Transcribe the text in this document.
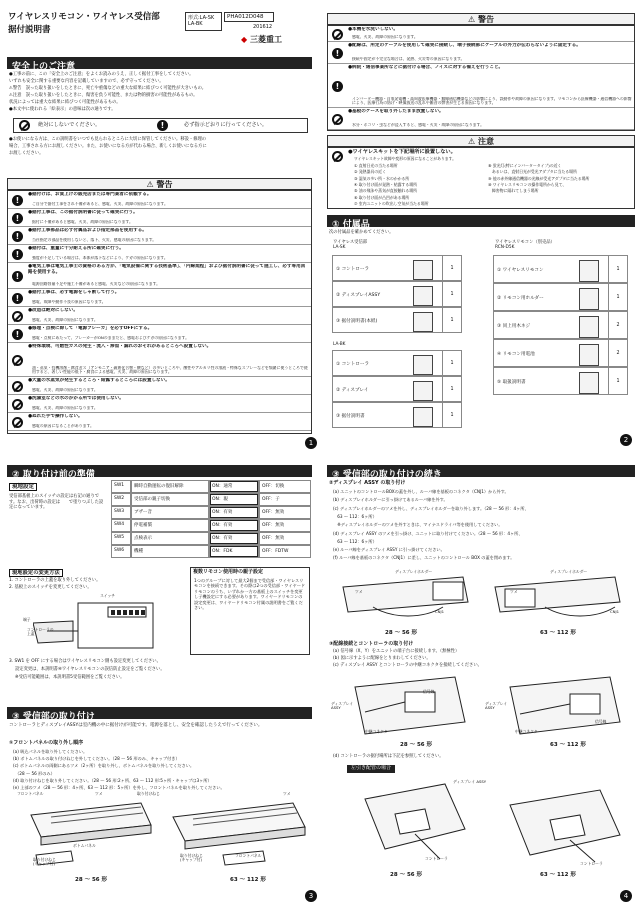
ワイヤレスリモコン・ワイヤレス受信部
据付説明書
形式:LA-SK
LA-BK
PHA012D048
201612
◆ 三菱重工
安全上のご注意
●工事の前に、この「安全上のご注意」をよくお読みのうえ、正しく据付工事をしてください。
いずれも安全に関する重要な内容を記載していますので、必ず守ってください。
⚠警告　誤った取り扱いをしたときに、死亡や重傷などの重大な結果に結びつく可能性が大きいもの。
⚠注意　誤った取り扱いをしたときに、傷害を負う可能性、または物的損害の可能性があるもの。
状況によっては重大な結果に結びつく可能性があるもの。
●本文中に使われる「絵表示」の意味は次の通りです。
絶対にしないでください。	!	必ず指示どおりに行ってください。
●お使いになる方は、この説明書をいつでも見られるところに大切に保管してください。移設・修理の
場合、工事される方にお渡しください。また、お使いになる方が代わる場合、新しくお使いになる方に
お渡しください。
⚠ 警告
!
●据付けは、お買上げの販売店または専門業者に依頼する。
ご自分で据付工事をされ不備があると、感電、火災、故障の原因になります。
!
●据付工事は、この据付説明書に従って確実に行う。
据付に不備があると感電、火災、故障の原因になります。
!
●据付工事部品は必ず付属品および指定部品を使用する。
当社指定の部品を使用しないと、落下、火災、感電の原因になります。
!
●据付は、重量に十分耐える所に確実に行う。
強度が不足している場合は、本体が落下などにより、ケガの原因になります。
!
●電気工事は電気工事士の資格のある方が、「電気設備に関する技術基準」、「内線規程」および据付説明書に従って施工し、必ず専用回路を使用する。
電源回路容量不足や施工不備があると感電、火災などの原因になります。
!
●据付工事は、必ず電源をしゃ断して行う。
感電、故障や動作不良の原因になります。
●改造は絶対にしない。
感電、火災、故障の原因になります。
!
●修理・点検に際して「電源ブレーカ」を必ずOFFにする。
感電・点検にあたって、ブレーカーがONのままだと、感電およびケガの原因になります。
●特殊環境、可燃性ガスの発生・流入・滞留・漏れのおそれがあるところへ設置しない。
油・蒸気・有機溶剤・腐食ガス（アンモニア・硫黄化合物・酸など）の多いところや、酸性やアルカリ性の溶液・特殊なスプレーなどを頻繁に使うところで使用すると、著しい性能の低下・腐食による感電、火災、故障の原因になります。
●大量の水蒸気が発生するところ・結露するところには設置しない。
感電、火災、故障の原因になります。
●洗濯室などの水のかかる所では使用しない。
感電、火災、故障の原因になります。
●ぬれた手で操作しない。
感電の原因になることがあります。
1
⚠ 警告
●本機を水洗いしない。
感電、火災、故障の原因になります。
!
●配線は、所定のケーブルを使用して確実に接続し、端子接続部にケーブルの外力が伝わらないように固定する。
接続や固定が不完全な場合は、発熱、火災等の原因になります。
!
●病院・通信事業所などに据付ける場合、ノイズに対する備えを行うこと。
インバーター機器・自家発電機・高周波医療機器・無線通信機器などの影響により、誤動作や故障の原因になります。リモコンから医療機器・通信機器への影響により、医療行為の妨げ・映像放送の乱れや雑音の弊害が生じる原因になります。
●基板のケースを取り外したまま放置しない。
水分・ホコリ・虫などが浸入すると、感電・火災・故障の原因になります。
⚠ 注意
●ワイヤレスキットを下記場所に設置しない。
ワイヤレスキット故障や変形の原因になることがあります。
① 直射日光の当たる場所
② 発熱器具の近く
③ 湿気の多い所・水のかかる所
④ 取り付け面が発熱・結露する場所
⑤ 油の飛沫や蒸気が直接触れる場所
⑥ 取り付け面が凸凹がある場所
⑦ 室内ユニットの吹出し空気が当たる場所
⑧ 蛍光灯(特にインバータータイプ)の近く
　あるいは、直射日光が受光アダプタに当たる場所
⑨ 他の赤外線通信機器の光線が受光アダプタに当たる場所
⑩ ワイヤレスリモコンの操作電所から見て、
　障害物に隔れてしまう場所
① 付属品
次の付属品を確かめてください。
ワイヤレス受信部
LA-SK
① コントローラ	1
② ディスプレイASSY	1
③ 据付説明書(本紙)	1
LA-BK
① コントローラ	1
② ディスプレイ	1
③ 据付説明書	1
ワイヤレスリモコン（別売品）
RCN-D5K
① ワイヤレスリモコン	1
② リモコン用ホルダー	1
③ 同上用木ネジ	2
④ リモコン用電池	2
⑤ 取扱説明書	1
2
② 取り付け前の準備
現地設定
受信部基板上のスイッチの設定は右記の通りです。なお、出荷時の設定は　　で塗りつぶした設定になっています。
SW1	瞬時自動運転の復旧解除	ON：通常	OFF：切換
SW2	受信部の親子切換	ON：親	OFF：子
SW3	ブザー音	ON：有効	OFF：無効
SW4	停電補償	ON：有効	OFF：無効
SW5	点検表示	ON：有効	OFF：無効
SW6	機種	ON：FDK	OFF：FDTW
現地設定の変更方法
1. コントローラの上蓋を取り外してください。
2. 基板上のスイッチを変更してください。
スイッチ
端子
コントローラの
上蓋
複数リモコン使用時の親子設定
1つのグループに対して最大2個まで受信部・ワイヤレスリモコンを接続できます。その際は2つの受信部・ワイヤードリモコンのうち、いずれか一方の基板上のスイッチを変更し子機設定にする必要があります。ワイヤードリモコンの設定変更は、ワイヤードリモコン付属の説明書をご覧ください。
3. SW1 を OFF にする場合はワイヤレスリモコン側も設定変更してください。
設定変更は、本説明書④ワイヤレスリモコンの誤信防止設定をご覧ください。
※受信可能範囲は、本説明書5受信範囲をご覧ください。
③ 受信部の取り付け
コントローラとディスプレイASSYは室内機の中に据付けが可能です。電源を落とし、安全を確認したうえで行ってください。
①フロントパネルの取り外し順序
(a) 吸込パネルを取り外してください。
(b) ボトムパネルの取り付けねじを外してください。（28 〜 56 形のみ、キャップ付き）
(c) ボトムパネルの両側にあるツメ（2ヶ所）を取り外し、ボトムパネルを取り外してください。
　（28 〜 56 形のみ）
(d) 取り付けねじを取り外してください。（28 〜 56 形:2ヶ所、63 〜 112 形:5ヶ所・キャップは3ヶ所）
(e) 上部のツメ（28 〜 56 形：4ヶ所、63 〜 112 形：5ヶ所）を外し、フロントパネルを取り外してください。
フロントパネル	ツメ
取り付けねじ
(キャップ付)
ボトムパネル
取り付けねじ	ツメ
フロントパネル
取り付けねじ
(キャップ付)
28 〜 56 形	63 〜 112 形
3
③ 受信部の取り付けの続き
②ディスプレイ ASSY の取り付け
(a) ユニットのコントロールBOXの蓋を外し、ルーバ線を基板のコネクタ（CNJ1）から外す。
(b) ディスプレイホルダーに引っ掛けてあるルーバ線を外す。
(c) ディスプレイホルダーのツメを外し、ディスプレイホルダーを取り外します。（28 〜 56 形：4ヶ所、
　63 〜 112：6ヶ所）
　※ディスプレイホルダーのツメを外すときは、マイナスドライバ等を使用してください。
(d) ディスプレイ ASSY のツメを引っ掛け、ユニットに取り付けてください。（28 〜 56 形：4ヶ所、
　63 〜 112：6ヶ所）
(e) ルーバ線をディスプレイ ASSY に引っ掛けてください。
(f) ルーバ線を基板のコネクタ（CNJ1）に差し、ユニットのコントロール BOX の蓋を閉めます。
ディスプレイホルダー
ツメ
CNJ1
ディスプレイホルダー
ツメ
CNJ1
28 〜 56 形	63 〜 112 形
③配線接続とコントローラの取り付け
(a) 信号線（X，Y）をユニットの端子台に接続します。（無極性）
(b) 図に示すように配線をとりまわしてください。
(c) ディスプレイ ASSY とコントローラの中継コネクタを接続してください。
ディスプレイ
ASSY
信号線
中継コネクタ
ディスプレイ
ASSY
中継コネクタ
信号線
28 〜 56 形	63 〜 112 形
(d) コントローラの据付場所は下記を参照してください。
左引き配管の場合
ディスプレイ ASSY
コントローラ
コントローラ
28 〜 56 形	63 〜 112 形
4
